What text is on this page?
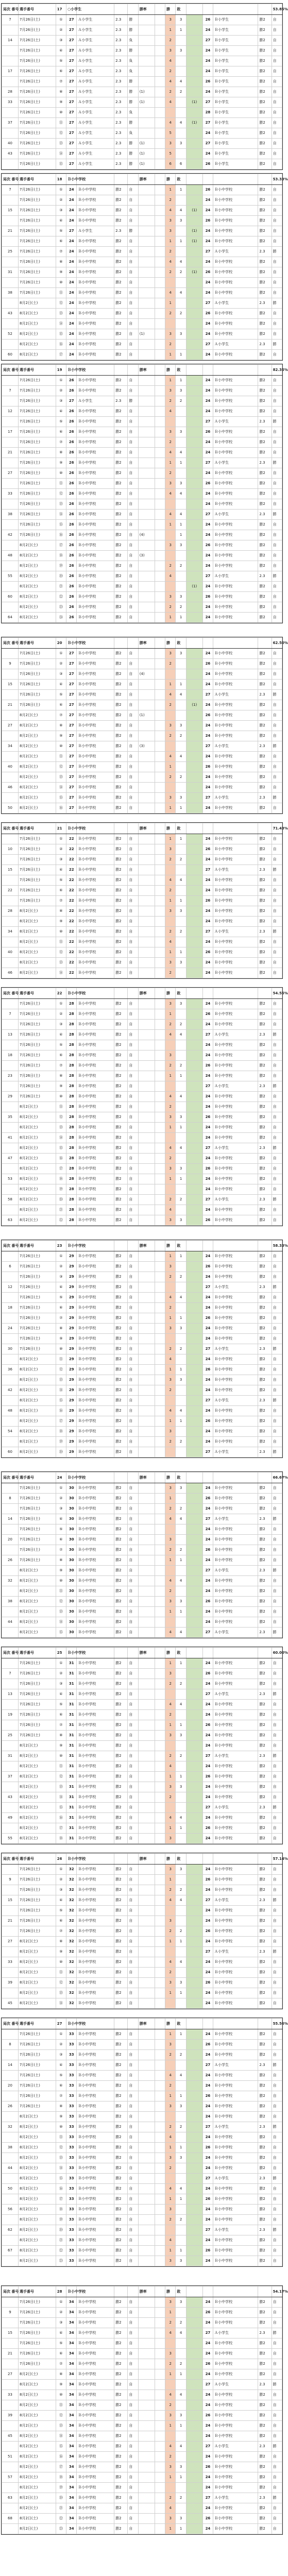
局次 番号	選手番号	17	○小学生				勝率		勝	敗					53.85%
7	7月26日(土)	①	27	Ａ小学生	2.3	勝			3	3		26	Ｂ小学生	勝2	自
	7月26日(土)	②	27	Ａ小学生	2.3	勝			1	1		24	Ｂ小学生	勝2	自
14	7月26日(土)	③	27	Ａ小学生	2.3	負			2			27	Ｂ小学生	勝2	自
	7月26日(土)	④	27	Ａ小学生	2.3	勝			3	3		24	Ｂ小学生	勝2	自
	7月26日(土)	⑤	27	Ａ小学生	2.3	負			4			24	Ｂ小学生	勝2	自
17	7月26日(土)	⑥	27	Ａ小学生	2.3	負			2			24	Ｂ小学生	勝2	自
	7月26日(土)	⑦	27	Ａ小学生	2.3	勝			4	4		26	Ｂ小学生	勝2	自
28	7月26日(土)	⑧	27	Ａ小学生	2.3	勝	(1)		2	2		24	Ｂ小学生	勝2	自
33	7月26日(土)	⑨	27	Ａ小学生	2.3	勝	(1)		4		(1)	27	Ｂ小学生	勝2	自
	7月26日(土)	⑩	27	Ａ小学生	2.3	負						28	Ｂ小学生	勝2	自
37	7月26日(土)	⑪	27	Ａ小学生	2.3	勝			4	4	(1)	27	Ｂ小学生	勝2	自
	7月26日(土)	⑫	27	Ａ小学生	2.3	負			5			24	Ｂ小学生	勝2	自
40	7月26日(土)	⑬	27	Ａ小学生	2.3	勝	(1)		3	3		27	Ｂ小学生	勝2	自
43	7月26日(土)	⑭	27	Ａ小学生	2.3	勝	(1)		5			24	Ｂ小学生	勝2	自
	7月26日(土)	⑮	27	Ａ小学生	2.3	勝	(1)		6	6		26	Ｂ小学生	勝2	自
局次 番号	選手番号	18	Ｂ小中学校				勝率		勝	敗					53.33%
7	7月26日(土)	①	24	Ｂ小中学校	勝2	自			1	1		26	Ｂ小中学校	勝2	自
	7月26日(土)	②	24	Ｂ小中学校	勝2	自			2			24	Ｂ小中学校	勝2	自
15	7月26日(土)	③	24	Ｂ小中学校	勝2	自			4	4	(1)	24	Ｂ小中学校	勝2	自
	7月26日(土)	④	24	Ｂ小中学校	勝2	自			3	3		26	Ｂ小中学校	勝2	自
21	7月26日(土)	⑤	27	Ａ小学生	2.3	勝			3		(1)	24	Ｂ小中学校	勝2	自
	7月26日(土)	⑥	24	Ｂ小中学校	勝2	自			1	1	(1)	24	Ｂ小中学校	勝2	自
25	7月26日(土)	⑦	24	Ｂ小中学校	勝2	自			2			27	Ａ小学生	2.3	勝
	7月26日(土)	⑧	24	Ｂ小中学校	勝2	自			4	4		24	Ｂ小中学校	勝2	自
31	7月26日(土)	⑨	24	Ｂ小中学校	勝2	自			2	2	(1)	26	Ｂ小中学校	勝2	自
	7月26日(土)	⑩	24	Ｂ小中学校	勝2	自						24	Ｂ小中学校	勝2	自
38	7月26日(土)	⑪	24	Ｂ小中学校	勝2	自			4	4		24	Ｂ小中学校	勝2	自
	8月2日(土)	⑫	24	Ｂ小中学校	勝2	自			1			27	Ａ小学生	2.3	勝
43	8月2日(土)	⑬	24	Ｂ小中学校	勝2	自			2	2		26	Ｂ小中学校	勝2	自
	8月2日(土)	⑭	24	Ｂ小中学校	勝2	自						24	Ｂ小中学校	勝2	自
52	8月2日(土)	⑮	24	Ｂ小中学校	勝2	自	(1)		3	3		24	Ｂ小中学校	勝2	自
	8月2日(土)	⑯	24	Ｂ小中学校	勝2	自			2			27	Ａ小学生	2.3	勝
60	8月2日(土)	⑰	24	Ｂ小中学校	勝2	自			1	1		24	Ｂ小中学校	勝2	自
局次 番号	選手番号	19	Ｂ小中学校				勝率		勝	敗					82.35%
	7月26日(土)	①	26	Ｂ小中学校	勝2	自			1	1		24	Ｂ小中学校	勝2	自
7	7月26日(土)	②	26	Ｂ小中学校	勝2	自			3	3		24	Ｂ小中学校	勝2	自
	7月26日(土)	③	27	Ａ小学生	2.3	勝			2	2		24	Ｂ小中学校	勝2	自
12	7月26日(土)	④	26	Ｂ小中学校	勝2	自			4			24	Ｂ小中学校	勝2	自
	7月26日(土)	⑤	26	Ｂ小中学校	勝2	自						27	Ａ小学生	2.3	勝
17	7月26日(土)	⑥	26	Ｂ小中学校	勝2	自			3	3		26	Ｂ小中学校	勝2	自
	7月26日(土)	⑦	26	Ｂ小中学校	勝2	自			2			24	Ｂ小中学校	勝2	自
21	7月26日(土)	⑧	26	Ｂ小中学校	勝2	自			4	4		24	Ｂ小中学校	勝2	自
	7月26日(土)	⑨	26	Ｂ小中学校	勝2	自			1	1		27	Ａ小学生	2.3	勝
27	7月26日(土)	⑩	26	Ｂ小中学校	勝2	自			2			24	Ｂ小中学校	勝2	自
	7月26日(土)	⑪	26	Ｂ小中学校	勝2	自			3	3		26	Ｂ小中学校	勝2	自
33	7月26日(土)	⑫	26	Ｂ小中学校	勝2	自			4	4		24	Ｂ小中学校	勝2	自
	7月26日(土)	⑬	26	Ｂ小中学校	勝2	自						24	Ｂ小中学校	勝2	自
38	7月26日(土)	⑭	26	Ｂ小中学校	勝2	自			4	4		27	Ａ小学生	2.3	勝
	7月26日(土)	⑮	26	Ｂ小中学校	勝2	自			1	1		24	Ｂ小中学校	勝2	自
42	7月26日(土)	⑯	26	Ｂ小中学校	勝2	自	(4)			1		24	Ｂ小中学校	勝2	自
	8月2日(土)	⑰	26	Ｂ小中学校	勝2	自			3	3		26	Ｂ小中学校	勝2	自
48	8月2日(土)	⑱	26	Ｂ小中学校	勝2	自	(3)					24	Ｂ小中学校	勝2	自
	8月2日(土)	⑲	26	Ｂ小中学校	勝2	自			2	2		24	Ｂ小中学校	勝2	自
55	8月2日(土)	⑳	26	Ｂ小中学校	勝2	自			4			27	Ａ小学生	2.3	勝
	8月2日(土)	㉑	26	Ｂ小中学校	勝2	自					(1)	24	Ｂ小中学校	勝2	自
60	8月2日(土)	㉒	26	Ｂ小中学校	勝2	自			3	3		26	Ｂ小中学校	勝2	自
	8月2日(土)	㉓	26	Ｂ小中学校	勝2	自			2	2		24	Ｂ小中学校	勝2	自
64	8月2日(土)	㉔	26	Ｂ小中学校	勝2	自			1	1		24	Ｂ小中学校	勝2	自
局次 番号	選手番号	20	Ｂ小中学校				勝率		勝	敗					62.50%
	7月26日(土)	①	27	Ｂ小中学校	勝2	自			3	3		24	Ｂ小中学校	勝2	自
9	7月26日(土)	②	27	Ｂ小中学校	勝2	自			2			26	Ｂ小中学校	勝2	自
	7月26日(土)	③	27	Ｂ小中学校	勝2	自	(4)					24	Ｂ小中学校	勝2	自
15	7月26日(土)	④	27	Ｂ小中学校	勝2	自			1	1		24	Ｂ小中学校	勝2	自
	7月26日(土)	⑤	27	Ｂ小中学校	勝2	自			4	4		27	Ａ小学生	2.3	勝
21	7月26日(土)	⑥	27	Ｂ小中学校	勝2	自			2		(1)	24	Ｂ小中学校	勝2	自
	8月2日(土)	⑦	27	Ｂ小中学校	勝2	自	(1)					26	Ｂ小中学校	勝2	自
27	8月2日(土)	⑧	27	Ｂ小中学校	勝2	自			3	3		24	Ｂ小中学校	勝2	自
	8月2日(土)	⑨	27	Ｂ小中学校	勝2	自			2	2		24	Ｂ小中学校	勝2	自
34	8月2日(土)	⑩	27	Ｂ小中学校	勝2	自	(3)					27	Ａ小学生	2.3	勝
	8月2日(土)	⑪	27	Ｂ小中学校	勝2	自			4	4		24	Ｂ小中学校	勝2	自
40	8月2日(土)	⑫	27	Ｂ小中学校	勝2	自			1			26	Ｂ小中学校	勝2	自
	8月2日(土)	⑬	27	Ｂ小中学校	勝2	自			2	2		24	Ｂ小中学校	勝2	自
46	8月2日(土)	⑭	27	Ｂ小中学校	勝2	自						24	Ｂ小中学校	勝2	自
	8月2日(土)	⑮	27	Ｂ小中学校	勝2	自			3	3		27	Ａ小学生	2.3	勝
50	8月2日(土)	⑯	27	Ｂ小中学校	勝2	自			1	1		24	Ｂ小中学校	勝2	自
局次 番号	選手番号	21	Ｂ小中学校				勝率		勝	敗					71.43%
	7月26日(土)	①	22	Ｂ小中学校	勝2	自			1	1		24	Ｂ小中学校	勝2	自
10	7月26日(土)	②	22	Ｂ小中学校	勝2	自			3			26	Ｂ小中学校	勝2	自
	7月26日(土)	③	22	Ｂ小中学校	勝2	自			2	2		24	Ｂ小中学校	勝2	自
15	7月26日(土)	④	22	Ｂ小中学校	勝2	自						27	Ａ小学生	2.3	勝
	7月26日(土)	⑤	22	Ｂ小中学校	勝2	自			4	4		24	Ｂ小中学校	勝2	自
22	7月26日(土)	⑥	22	Ｂ小中学校	勝2	自			2			24	Ｂ小中学校	勝2	自
	7月26日(土)	⑦	22	Ｂ小中学校	勝2	自			1	1		26	Ｂ小中学校	勝2	自
28	8月2日(土)	⑧	22	Ｂ小中学校	勝2	自			3	3		24	Ｂ小中学校	勝2	自
	8月2日(土)	⑨	22	Ｂ小中学校	勝2	自						24	Ｂ小中学校	勝2	自
34	8月2日(土)	⑩	22	Ｂ小中学校	勝2	自			2	2		27	Ａ小学生	2.3	勝
	8月2日(土)	⑪	22	Ｂ小中学校	勝2	自			4			24	Ｂ小中学校	勝2	自
40	8月2日(土)	⑫	22	Ｂ小中学校	勝2	自			1	1		26	Ｂ小中学校	勝2	自
	8月2日(土)	⑬	22	Ｂ小中学校	勝2	自			3	3		24	Ｂ小中学校	勝2	自
46	8月2日(土)	⑭	22	Ｂ小中学校	勝2	自			2			24	Ｂ小中学校	勝2	自
局次 番号	選手番号	22	Ｂ小中学校				勝率		勝	敗					54.55%
	7月26日(土)	①	28	Ｂ小中学校	勝2	自			3	3		24	Ｂ小中学校	勝2	自
7	7月26日(土)	②	28	Ｂ小中学校	勝2	自			1			26	Ｂ小中学校	勝2	自
	7月26日(土)	③	28	Ｂ小中学校	勝2	自			2	2		24	Ｂ小中学校	勝2	自
13	7月26日(土)	④	28	Ｂ小中学校	勝2	自			4	4		27	Ａ小学生	2.3	勝
	7月26日(土)	⑤	28	Ｂ小中学校	勝2	自						24	Ｂ小中学校	勝2	自
18	7月26日(土)	⑥	28	Ｂ小中学校	勝2	自			3			24	Ｂ小中学校	勝2	自
	7月26日(土)	⑦	28	Ｂ小中学校	勝2	自			2	2		26	Ｂ小中学校	勝2	自
23	7月26日(土)	⑧	28	Ｂ小中学校	勝2	自			1	1		24	Ｂ小中学校	勝2	自
	7月26日(土)	⑨	28	Ｂ小中学校	勝2	自						27	Ａ小学生	2.3	勝
29	7月26日(土)	⑩	28	Ｂ小中学校	勝2	自			4	4		24	Ｂ小中学校	勝2	自
	8月2日(土)	⑪	28	Ｂ小中学校	勝2	自			2			24	Ｂ小中学校	勝2	自
35	8月2日(土)	⑫	28	Ｂ小中学校	勝2	自			3	3		26	Ｂ小中学校	勝2	自
	8月2日(土)	⑬	28	Ｂ小中学校	勝2	自			1	1		24	Ｂ小中学校	勝2	自
41	8月2日(土)	⑭	28	Ｂ小中学校	勝2	自						24	Ｂ小中学校	勝2	自
	8月2日(土)	⑮	28	Ｂ小中学校	勝2	自			4	4		27	Ａ小学生	2.3	勝
47	8月2日(土)	⑯	28	Ｂ小中学校	勝2	自			2			24	Ｂ小中学校	勝2	自
	8月2日(土)	⑰	28	Ｂ小中学校	勝2	自			3	3		26	Ｂ小中学校	勝2	自
53	8月2日(土)	⑱	28	Ｂ小中学校	勝2	自			1	1		24	Ｂ小中学校	勝2	自
	8月2日(土)	⑲	28	Ｂ小中学校	勝2	自						24	Ｂ小中学校	勝2	自
58	8月2日(土)	⑳	28	Ｂ小中学校	勝2	自			2	2		27	Ａ小学生	2.3	勝
	8月2日(土)	㉑	28	Ｂ小中学校	勝2	自			4			24	Ｂ小中学校	勝2	自
63	8月2日(土)	㉒	28	Ｂ小中学校	勝2	自			3	3		26	Ｂ小中学校	勝2	自
局次 番号	選手番号	23	Ｂ小中学校				勝率		勝	敗					58.33%
	7月26日(土)	①	29	Ｂ小中学校	勝2	自			1	1		24	Ｂ小中学校	勝2	自
6	7月26日(土)	②	29	Ｂ小中学校	勝2	自			3			26	Ｂ小中学校	勝2	自
	7月26日(土)	③	29	Ｂ小中学校	勝2	自			2	2		24	Ｂ小中学校	勝2	自
12	7月26日(土)	④	29	Ｂ小中学校	勝2	自						27	Ａ小学生	2.3	勝
	7月26日(土)	⑤	29	Ｂ小中学校	勝2	自			4	4		24	Ｂ小中学校	勝2	自
18	7月26日(土)	⑥	29	Ｂ小中学校	勝2	自			2			24	Ｂ小中学校	勝2	自
	7月26日(土)	⑦	29	Ｂ小中学校	勝2	自			1	1		26	Ｂ小中学校	勝2	自
24	7月26日(土)	⑧	29	Ｂ小中学校	勝2	自			3	3		24	Ｂ小中学校	勝2	自
	7月26日(土)	⑨	29	Ｂ小中学校	勝2	自						24	Ｂ小中学校	勝2	自
30	7月26日(土)	⑩	29	Ｂ小中学校	勝2	自			2	2		27	Ａ小学生	2.3	勝
	8月2日(土)	⑪	29	Ｂ小中学校	勝2	自			4			24	Ｂ小中学校	勝2	自
36	8月2日(土)	⑫	29	Ｂ小中学校	勝2	自			1	1		26	Ｂ小中学校	勝2	自
	8月2日(土)	⑬	29	Ｂ小中学校	勝2	自			3	3		24	Ｂ小中学校	勝2	自
42	8月2日(土)	⑭	29	Ｂ小中学校	勝2	自			2			24	Ｂ小中学校	勝2	自
	8月2日(土)	⑮	29	Ｂ小中学校	勝2	自						27	Ａ小学生	2.3	勝
48	8月2日(土)	⑯	29	Ｂ小中学校	勝2	自			4	4		24	Ｂ小中学校	勝2	自
	8月2日(土)	⑰	29	Ｂ小中学校	勝2	自			1	1		26	Ｂ小中学校	勝2	自
54	8月2日(土)	⑱	29	Ｂ小中学校	勝2	自			3			24	Ｂ小中学校	勝2	自
	8月2日(土)	⑲	29	Ｂ小中学校	勝2	自			2	2		24	Ｂ小中学校	勝2	自
60	8月2日(土)	⑳	29	Ｂ小中学校	勝2	自						27	Ａ小学生	2.3	勝
局次 番号	選手番号	24	Ｂ小中学校				勝率		勝	敗					66.67%
	7月26日(土)	①	30	Ｂ小中学校	勝2	自			3	3		24	Ｂ小中学校	勝2	自
8	7月26日(土)	②	30	Ｂ小中学校	勝2	自			1			26	Ｂ小中学校	勝2	自
	7月26日(土)	③	30	Ｂ小中学校	勝2	自			2	2		24	Ｂ小中学校	勝2	自
14	7月26日(土)	④	30	Ｂ小中学校	勝2	自			4	4		27	Ａ小学生	2.3	勝
	7月26日(土)	⑤	30	Ｂ小中学校	勝2	自						24	Ｂ小中学校	勝2	自
20	7月26日(土)	⑥	30	Ｂ小中学校	勝2	自			3			24	Ｂ小中学校	勝2	自
	7月26日(土)	⑦	30	Ｂ小中学校	勝2	自			2	2		26	Ｂ小中学校	勝2	自
26	7月26日(土)	⑧	30	Ｂ小中学校	勝2	自			1	1		24	Ｂ小中学校	勝2	自
	8月2日(土)	⑨	30	Ｂ小中学校	勝2	自						27	Ａ小学生	2.3	勝
32	8月2日(土)	⑩	30	Ｂ小中学校	勝2	自			4	4		24	Ｂ小中学校	勝2	自
	8月2日(土)	⑪	30	Ｂ小中学校	勝2	自			2			24	Ｂ小中学校	勝2	自
38	8月2日(土)	⑫	30	Ｂ小中学校	勝2	自			3	3		26	Ｂ小中学校	勝2	自
	8月2日(土)	⑬	30	Ｂ小中学校	勝2	自			1	1		24	Ｂ小中学校	勝2	自
44	8月2日(土)	⑭	30	Ｂ小中学校	勝2	自						24	Ｂ小中学校	勝2	自
	8月2日(土)	⑮	30	Ｂ小中学校	勝2	自			4	4		27	Ａ小学生	2.3	勝
局次 番号	選手番号	25	Ｂ小中学校				勝率		勝	敗					60.00%
	7月26日(土)	①	31	Ｂ小中学校	勝2	自			1	1		24	Ｂ小中学校	勝2	自
7	7月26日(土)	②	31	Ｂ小中学校	勝2	自			3			26	Ｂ小中学校	勝2	自
	7月26日(土)	③	31	Ｂ小中学校	勝2	自			2	2		24	Ｂ小中学校	勝2	自
13	7月26日(土)	④	31	Ｂ小中学校	勝2	自						27	Ａ小学生	2.3	勝
	7月26日(土)	⑤	31	Ｂ小中学校	勝2	自			4	4		24	Ｂ小中学校	勝2	自
19	7月26日(土)	⑥	31	Ｂ小中学校	勝2	自			2			24	Ｂ小中学校	勝2	自
	7月26日(土)	⑦	31	Ｂ小中学校	勝2	自			1	1		26	Ｂ小中学校	勝2	自
25	7月26日(土)	⑧	31	Ｂ小中学校	勝2	自			3	3		24	Ｂ小中学校	勝2	自
	8月2日(土)	⑨	31	Ｂ小中学校	勝2	自						24	Ｂ小中学校	勝2	自
31	8月2日(土)	⑩	31	Ｂ小中学校	勝2	自			2	2		27	Ａ小学生	2.3	勝
	8月2日(土)	⑪	31	Ｂ小中学校	勝2	自			4			24	Ｂ小中学校	勝2	自
37	8月2日(土)	⑫	31	Ｂ小中学校	勝2	自			1	1		26	Ｂ小中学校	勝2	自
	8月2日(土)	⑬	31	Ｂ小中学校	勝2	自			3	3		24	Ｂ小中学校	勝2	自
43	8月2日(土)	⑭	31	Ｂ小中学校	勝2	自			2			24	Ｂ小中学校	勝2	自
	8月2日(土)	⑮	31	Ｂ小中学校	勝2	自						27	Ａ小学生	2.3	勝
49	8月2日(土)	⑯	31	Ｂ小中学校	勝2	自			4	4		24	Ｂ小中学校	勝2	自
	8月2日(土)	⑰	31	Ｂ小中学校	勝2	自			1	1		26	Ｂ小中学校	勝2	自
55	8月2日(土)	⑱	31	Ｂ小中学校	勝2	自			3			24	Ｂ小中学校	勝2	自
局次 番号	選手番号	26	Ｂ小中学校				勝率		勝	敗					57.14%
	7月26日(土)	①	32	Ｂ小中学校	勝2	自			3	3		24	Ｂ小中学校	勝2	自
9	7月26日(土)	②	32	Ｂ小中学校	勝2	自			1			26	Ｂ小中学校	勝2	自
	7月26日(土)	③	32	Ｂ小中学校	勝2	自			2	2		24	Ｂ小中学校	勝2	自
15	7月26日(土)	④	32	Ｂ小中学校	勝2	自			4	4		27	Ａ小学生	2.3	勝
	7月26日(土)	⑤	32	Ｂ小中学校	勝2	自						24	Ｂ小中学校	勝2	自
21	7月26日(土)	⑥	32	Ｂ小中学校	勝2	自			3			24	Ｂ小中学校	勝2	自
	7月26日(土)	⑦	32	Ｂ小中学校	勝2	自			2	2		26	Ｂ小中学校	勝2	自
27	8月2日(土)	⑧	32	Ｂ小中学校	勝2	自			1	1		24	Ｂ小中学校	勝2	自
	8月2日(土)	⑨	32	Ｂ小中学校	勝2	自						27	Ａ小学生	2.3	勝
33	8月2日(土)	⑩	32	Ｂ小中学校	勝2	自			4	4		24	Ｂ小中学校	勝2	自
	8月2日(土)	⑪	32	Ｂ小中学校	勝2	自			2			24	Ｂ小中学校	勝2	自
39	8月2日(土)	⑫	32	Ｂ小中学校	勝2	自			3	3		26	Ｂ小中学校	勝2	自
	8月2日(土)	⑬	32	Ｂ小中学校	勝2	自			1	1		24	Ｂ小中学校	勝2	自
45	8月2日(土)	⑭	32	Ｂ小中学校	勝2	自						24	Ｂ小中学校	勝2	自
局次 番号	選手番号	27	Ｂ小中学校				勝率		勝	敗					55.56%
	7月26日(土)	①	33	Ｂ小中学校	勝2	自			1	1		24	Ｂ小中学校	勝2	自
8	7月26日(土)	②	33	Ｂ小中学校	勝2	自			3			26	Ｂ小中学校	勝2	自
	7月26日(土)	③	33	Ｂ小中学校	勝2	自			2	2		24	Ｂ小中学校	勝2	自
14	7月26日(土)	④	33	Ｂ小中学校	勝2	自						27	Ａ小学生	2.3	勝
	7月26日(土)	⑤	33	Ｂ小中学校	勝2	自			4	4		24	Ｂ小中学校	勝2	自
20	7月26日(土)	⑥	33	Ｂ小中学校	勝2	自			2			24	Ｂ小中学校	勝2	自
	7月26日(土)	⑦	33	Ｂ小中学校	勝2	自			1	1		26	Ｂ小中学校	勝2	自
26	7月26日(土)	⑧	33	Ｂ小中学校	勝2	自			3	3		24	Ｂ小中学校	勝2	自
	8月2日(土)	⑨	33	Ｂ小中学校	勝2	自						24	Ｂ小中学校	勝2	自
32	8月2日(土)	⑩	33	Ｂ小中学校	勝2	自			2	2		27	Ａ小学生	2.3	勝
	8月2日(土)	⑪	33	Ｂ小中学校	勝2	自			4			24	Ｂ小中学校	勝2	自
38	8月2日(土)	⑫	33	Ｂ小中学校	勝2	自			1	1		26	Ｂ小中学校	勝2	自
	8月2日(土)	⑬	33	Ｂ小中学校	勝2	自			3	3		24	Ｂ小中学校	勝2	自
44	8月2日(土)	⑭	33	Ｂ小中学校	勝2	自			2			24	Ｂ小中学校	勝2	自
	8月2日(土)	⑮	33	Ｂ小中学校	勝2	自						27	Ａ小学生	2.3	勝
50	8月2日(土)	⑯	33	Ｂ小中学校	勝2	自			4	4		24	Ｂ小中学校	勝2	自
	8月2日(土)	⑰	33	Ｂ小中学校	勝2	自			1	1		26	Ｂ小中学校	勝2	自
56	8月2日(土)	⑱	33	Ｂ小中学校	勝2	自			3			24	Ｂ小中学校	勝2	自
	8月2日(土)	⑲	33	Ｂ小中学校	勝2	自			2	2		24	Ｂ小中学校	勝2	自
62	8月2日(土)	⑳	33	Ｂ小中学校	勝2	自						27	Ａ小学生	2.3	勝
	8月2日(土)	㉑	33	Ｂ小中学校	勝2	自			4			24	Ｂ小中学校	勝2	自
67	8月2日(土)	㉒	33	Ｂ小中学校	勝2	自			1	1		26	Ｂ小中学校	勝2	自
	8月2日(土)	㉓	33	Ｂ小中学校	勝2	自			3	3		24	Ｂ小中学校	勝2	自
局次 番号	選手番号	28	Ｂ小中学校				勝率		勝	敗					54.17%
	7月26日(土)	①	34	Ｂ小中学校	勝2	自			3	3		24	Ｂ小中学校	勝2	自
9	7月26日(土)	②	34	Ｂ小中学校	勝2	自			1			26	Ｂ小中学校	勝2	自
	7月26日(土)	③	34	Ｂ小中学校	勝2	自			2	2		24	Ｂ小中学校	勝2	自
15	7月26日(土)	④	34	Ｂ小中学校	勝2	自			4	4		27	Ａ小学生	2.3	勝
	7月26日(土)	⑤	34	Ｂ小中学校	勝2	自						24	Ｂ小中学校	勝2	自
21	7月26日(土)	⑥	34	Ｂ小中学校	勝2	自			3			24	Ｂ小中学校	勝2	自
	7月26日(土)	⑦	34	Ｂ小中学校	勝2	自			2	2		26	Ｂ小中学校	勝2	自
27	8月2日(土)	⑧	34	Ｂ小中学校	勝2	自			1	1		24	Ｂ小中学校	勝2	自
	8月2日(土)	⑨	34	Ｂ小中学校	勝2	自						27	Ａ小学生	2.3	勝
33	8月2日(土)	⑩	34	Ｂ小中学校	勝2	自			4	4		24	Ｂ小中学校	勝2	自
	8月2日(土)	⑪	34	Ｂ小中学校	勝2	自			2			24	Ｂ小中学校	勝2	自
39	8月2日(土)	⑫	34	Ｂ小中学校	勝2	自			3	3		26	Ｂ小中学校	勝2	自
	8月2日(土)	⑬	34	Ｂ小中学校	勝2	自			1	1		24	Ｂ小中学校	勝2	自
45	8月2日(土)	⑭	34	Ｂ小中学校	勝2	自						24	Ｂ小中学校	勝2	自
	8月2日(土)	⑮	34	Ｂ小中学校	勝2	自			4	4		27	Ａ小学生	2.3	勝
51	8月2日(土)	⑯	34	Ｂ小中学校	勝2	自			2			24	Ｂ小中学校	勝2	自
	8月2日(土)	⑰	34	Ｂ小中学校	勝2	自			3	3		26	Ｂ小中学校	勝2	自
57	8月2日(土)	⑱	34	Ｂ小中学校	勝2	自			1	1		24	Ｂ小中学校	勝2	自
	8月2日(土)	⑲	34	Ｂ小中学校	勝2	自						24	Ｂ小中学校	勝2	自
63	8月2日(土)	⑳	34	Ｂ小中学校	勝2	自			2	2		27	Ａ小学生	2.3	勝
	8月2日(土)	㉑	34	Ｂ小中学校	勝2	自			4			24	Ｂ小中学校	勝2	自
68	8月2日(土)	㉒	34	Ｂ小中学校	勝2	自			3	3		26	Ｂ小中学校	勝2	自
	8月2日(土)	㉓	34	Ｂ小中学校	勝2	自			1	1		24	Ｂ小中学校	勝2	自
